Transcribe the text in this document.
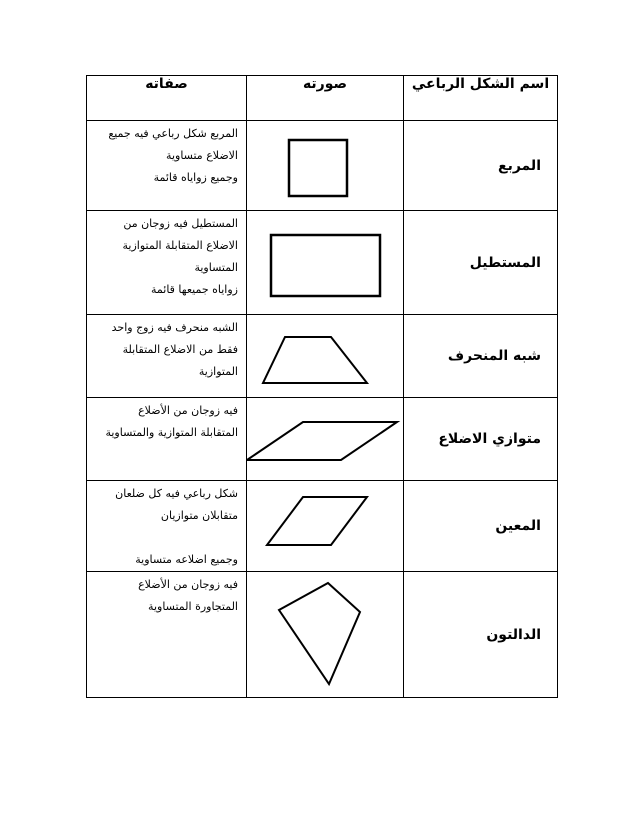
اسم الشكل الرباعي	صورته	صفاته
المربع		المربع شكل رباعي فيه جميع
الاضلاع متساوية
وجميع زواياه قائمة

المستطيل		المستطيل فيه زوجان من
الاضلاع المتقابلة المتوازية
المتساوية
زواياه جميعها قائمة

شبه المنحرف		الشبه منحرف فيه زوج واحد
فقط من الاضلاع المتقابلة
المتوازية

متوازي الاضلاع		فيه زوجان من الأضلاع
المتقابلة المتوازية والمتساوية

المعين		شكل رباعي فيه كل ضلعان
متقابلان متوازيان

وجميع اضلاعه متساوية

الدالتون		فيه زوجان من الأضلاع
المتجاورة المتساوية
